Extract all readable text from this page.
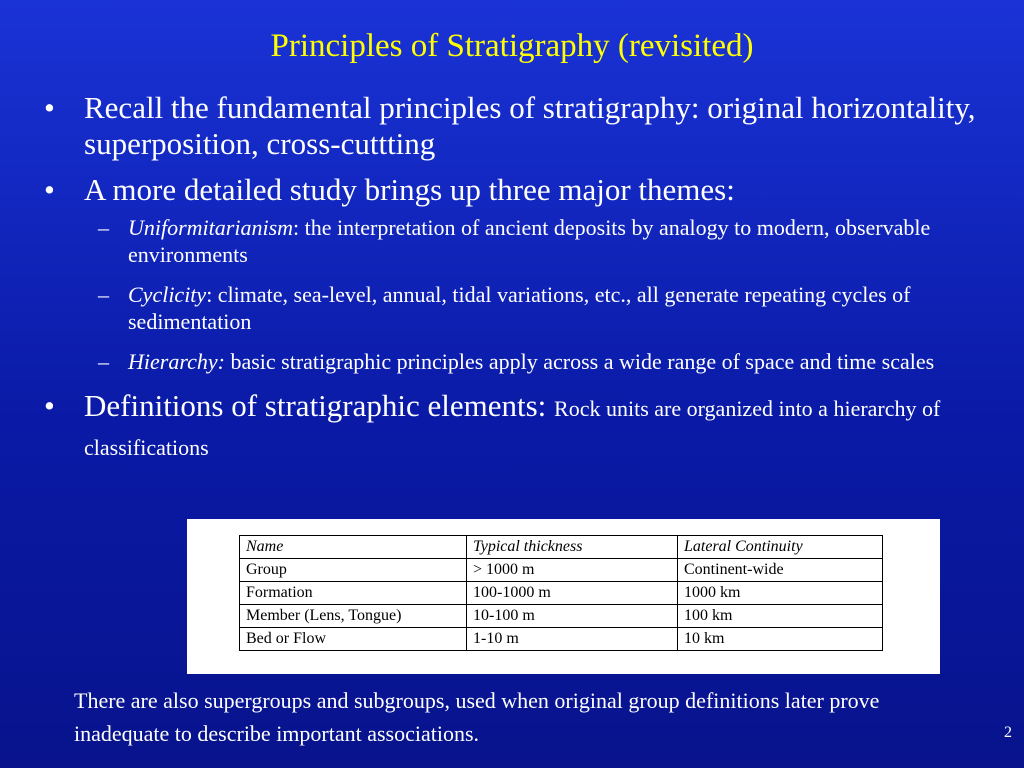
Principles of Stratigraphy (revisited)
• Recall the fundamental principles of stratigraphy: original horizontality, superposition, cross-cuttting
• A more detailed study brings up three major themes:
– Uniformitarianism: the interpretation of ancient deposits by analogy to modern, observable environments
– Cyclicity: climate, sea-level, annual, tidal variations, etc., all generate repeating cycles of sedimentation
– Hierarchy: basic stratigraphic principles apply across a wide range of space and time scales
• Definitions of stratigraphic elements: Rock units are organized into a hierarchy of classifications
Name	Typical thickness	Lateral Continuity
Group	> 1000 m	Continent-wide
Formation	100-1000 m	1000 km
Member (Lens, Tongue)	10-100 m	100 km
Bed or Flow	1-10 m	10 km
There are also supergroups and subgroups, used when original group definitions later prove inadequate to describe important associations.	2
